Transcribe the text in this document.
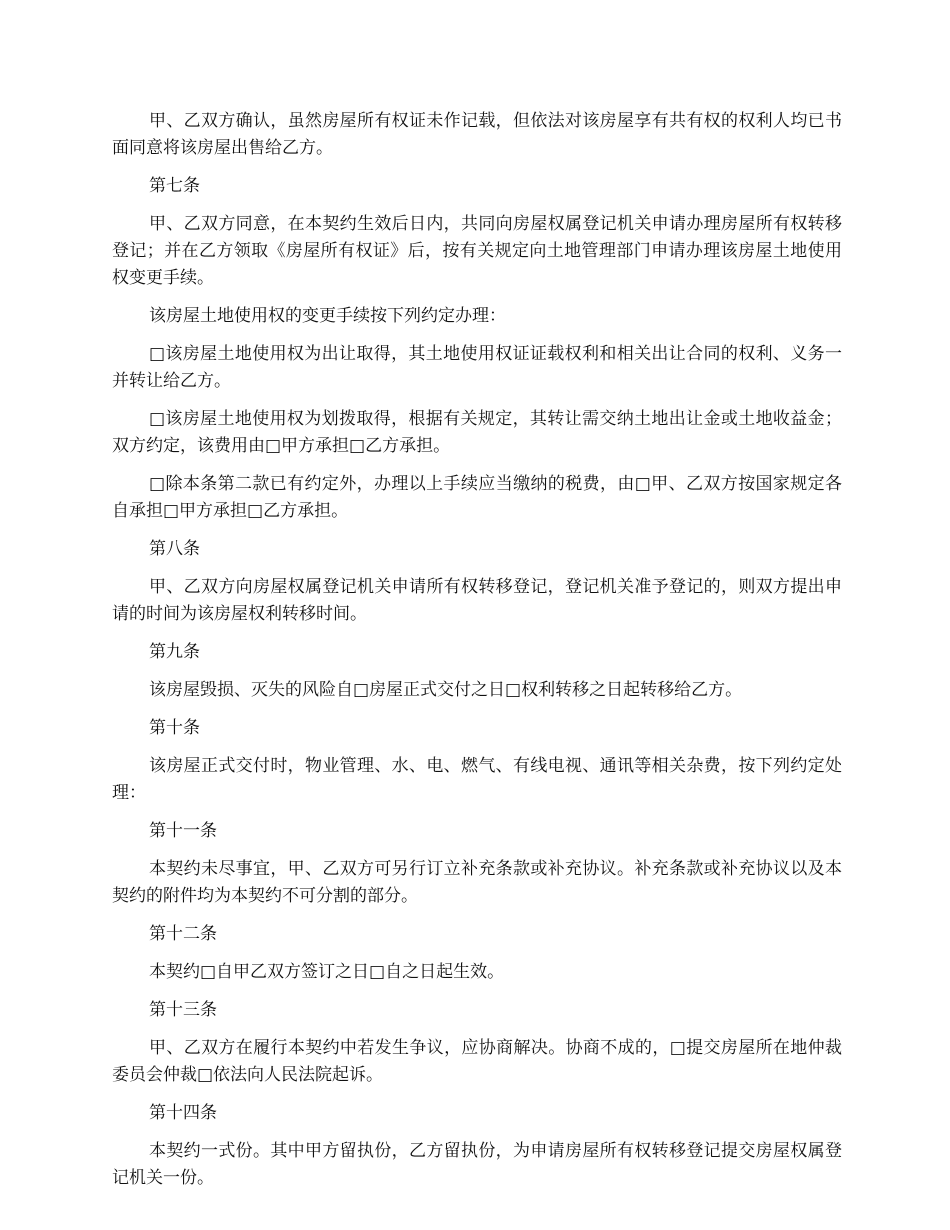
甲、乙双方确认，虽然房屋所有权证未作记载，但依法对该房屋享有共有权的权利人均已书面同意将该房屋出售给乙方。

第七条

甲、乙双方同意，在本契约生效后日内，共同向房屋权属登记机关申请办理房屋所有权转移登记；并在乙方领取《房屋所有权证》后，按有关规定向土地管理部门申请办理该房屋土地使用权变更手续。

该房屋土地使用权的变更手续按下列约定办理：

□该房屋土地使用权为出让取得，其土地使用权证证载权利和相关出让合同的权利、义务一并转让给乙方。

□该房屋土地使用权为划拨取得，根据有关规定，其转让需交纳土地出让金或土地收益金；双方约定，该费用由□甲方承担□乙方承担。

□除本条第二款已有约定外，办理以上手续应当缴纳的税费，由□甲、乙双方按国家规定各自承担□甲方承担□乙方承担。

第八条

甲、乙双方向房屋权属登记机关申请所有权转移登记，登记机关准予登记的，则双方提出申请的时间为该房屋权利转移时间。

第九条

该房屋毁损、灭失的风险自□房屋正式交付之日□权利转移之日起转移给乙方。

第十条

该房屋正式交付时，物业管理、水、电、燃气、有线电视、通讯等相关杂费，按下列约定处理：

第十一条

本契约未尽事宜，甲、乙双方可另行订立补充条款或补充协议。补充条款或补充协议以及本契约的附件均为本契约不可分割的部分。

第十二条

本契约□自甲乙双方签订之日□自之日起生效。

第十三条

甲、乙双方在履行本契约中若发生争议，应协商解决。协商不成的，□提交房屋所在地仲裁委员会仲裁□依法向人民法院起诉。

第十四条

本契约一式份。其中甲方留执份，乙方留执份，为申请房屋所有权转移登记提交房屋权属登记机关一份。
